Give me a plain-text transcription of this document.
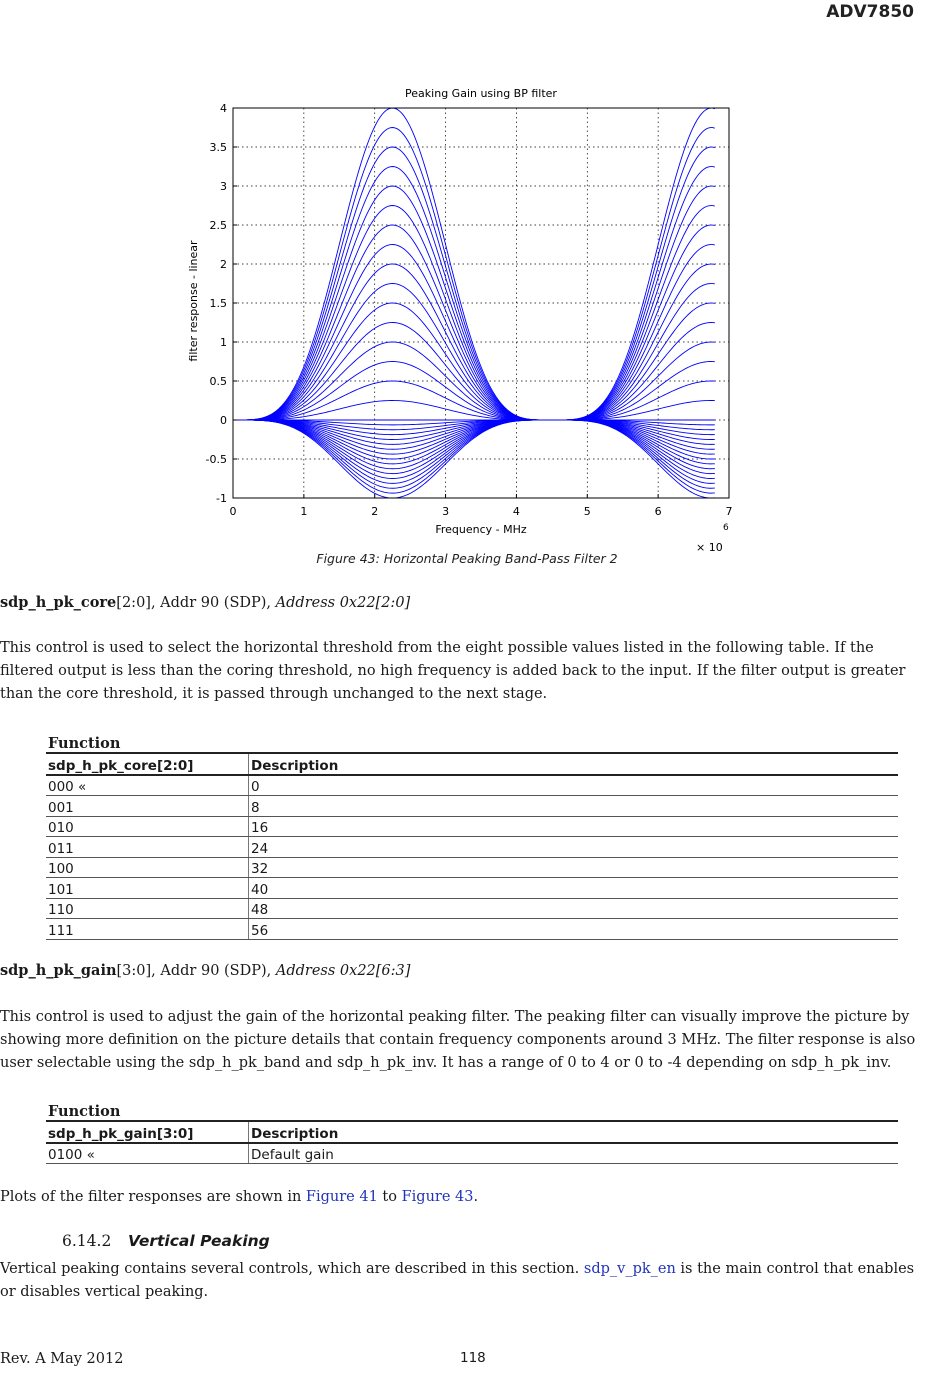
ADV7850
0	1	2	3	4	5	6	7
-1
-0.5
0
0.5
1
1.5
2
2.5
3
3.5
4
Peaking Gain using BP filter
Frequency - MHz
filter response - linear
× 10
6
Figure 43: Horizontal Peaking Band-Pass Filter 2

sdp_h_pk_core[2:0], Addr 90 (SDP), Address 0x22[2:0]

This control is used to select the horizontal threshold from the eight possible values listed in the following table. If the filtered output is less than the coring threshold, no high frequency is added back to the input. If the filter output is greater than the core threshold, it is passed through unchanged to the next stage.

Function	
sdp_h_pk_core[2:0]	Description
000 «	0
001	8
010	16
011	24
100	32
101	40
110	48
111	56

sdp_h_pk_gain[3:0], Addr 90 (SDP), Address 0x22[6:3]

This control is used to adjust the gain of the horizontal peaking filter. The peaking filter can visually improve the picture by showing more definition on the picture details that contain frequency components around 3 MHz. The filter response is also user selectable using the sdp_h_pk_band and sdp_h_pk_inv. It has a range of 0 to 4 or 0 to -4 depending on sdp_h_pk_inv.

Function	
sdp_h_pk_gain[3:0]	Description
0100 «	Default gain

Plots of the filter responses are shown in Figure 41 to Figure 43.

6.14.2 Vertical Peaking

Vertical peaking contains several controls, which are described in this section. sdp_v_pk_en is the main control that enables or disables vertical peaking.

Rev. A May 2012	118
